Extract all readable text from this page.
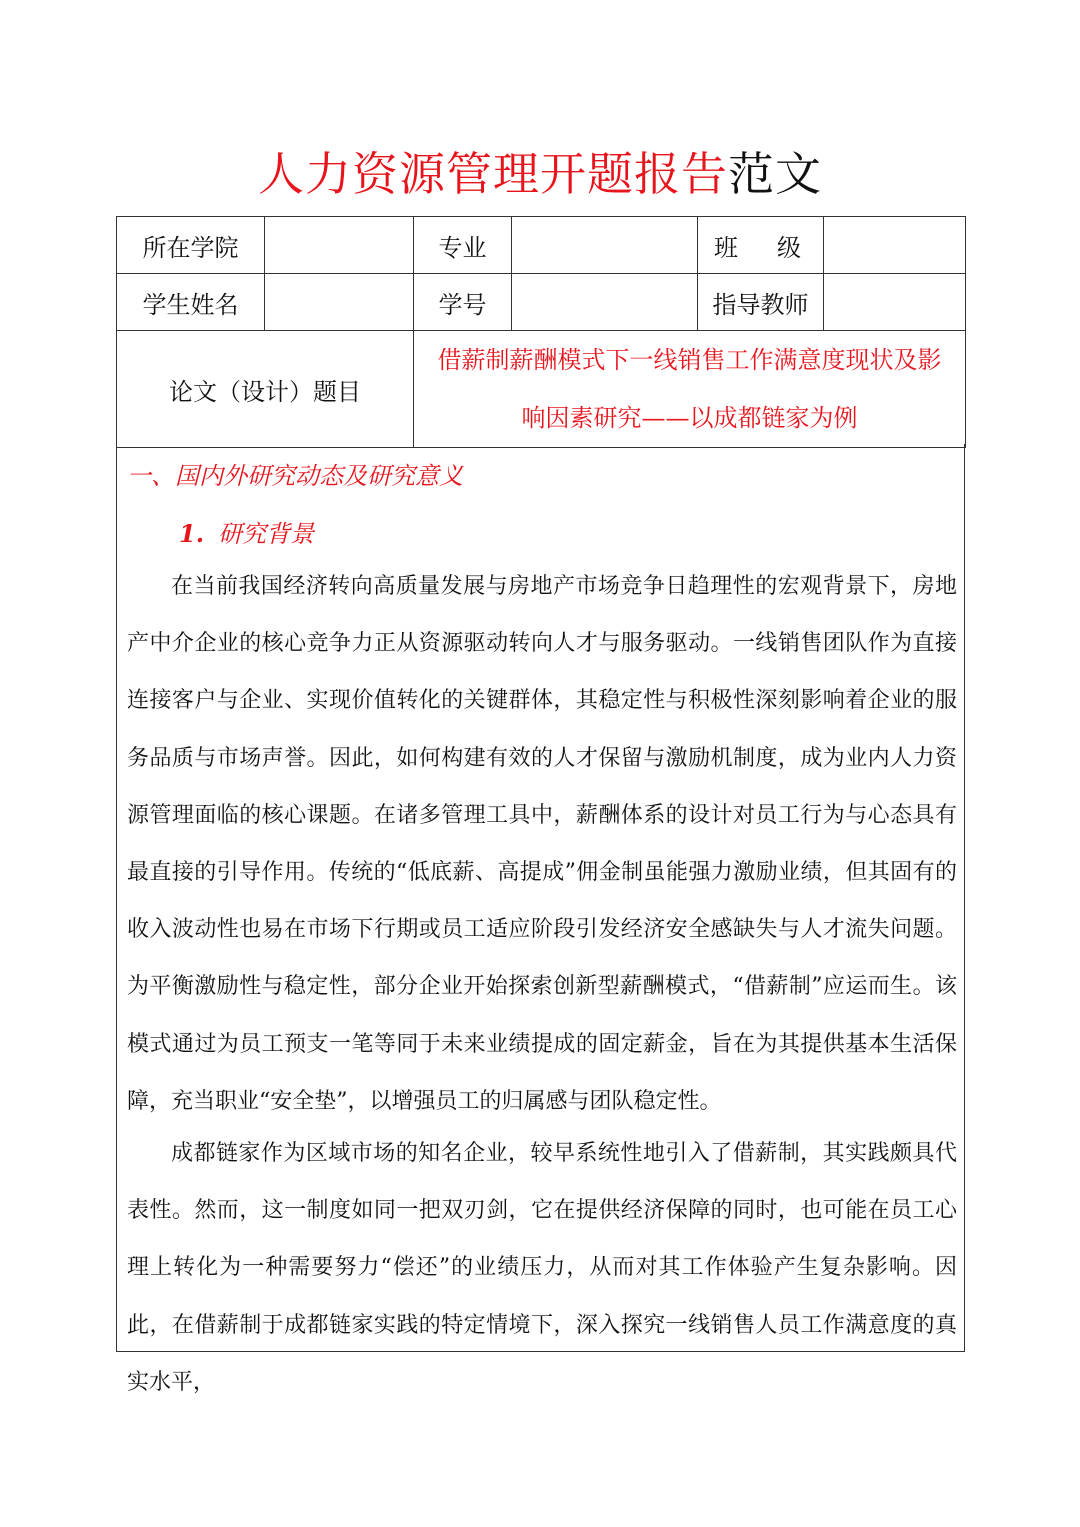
人力资源管理开题报告范文
所在学院		专业		班 级	

学生姓名		学号		指导教师	
论文（设计）题目		借薪制薪酬模式下一线销售工作满意度现状及影响因素研究——以成都链家为例			
一、国内外研究动态及研究意义
1. 研究背景

在当前我国经济转向高质量发展与房地产市场竞争日趋理性的宏观背景下，房地产中介企业的核心竞争力正从资源驱动转向人才与服务驱动。一线销售团队作为直接连接客户与企业、实现价值转化的关键群体，其稳定性与积极性深刻影响着企业的服务品质与市场声誉。因此，如何构建有效的人才保留与激励机制度，成为业内人力资源管理面临的核心课题。在诸多管理工具中，薪酬体系的设计对员工行为与心态具有最直接的引导作用。传统的“低底薪、高提成”佣金制虽能强力激励业绩，但其固有的收入波动性也易在市场下行期或员工适应阶段引发经济安全感缺失与人才流失问题。为平衡激励性与稳定性，部分企业开始探索创新型薪酬模式，“借薪制”应运而生。该模式通过为员工预支一笔等同于未来业绩提成的固定薪金，旨在为其提供基本生活保障，充当职业“安全垫”，以增强员工的归属感与团队稳定性。

成都链家作为区域市场的知名企业，较早系统性地引入了借薪制，其实践颇具代表性。然而，这一制度如同一把双刃剑，它在提供经济保障的同时，也可能在员工心理上转化为一种需要努力“偿还”的业绩压力，从而对其工作体验产生复杂影响。因此，在借薪制于成都链家实践的特定情境下，深入探究一线销售人员工作满意度的真实水平，
